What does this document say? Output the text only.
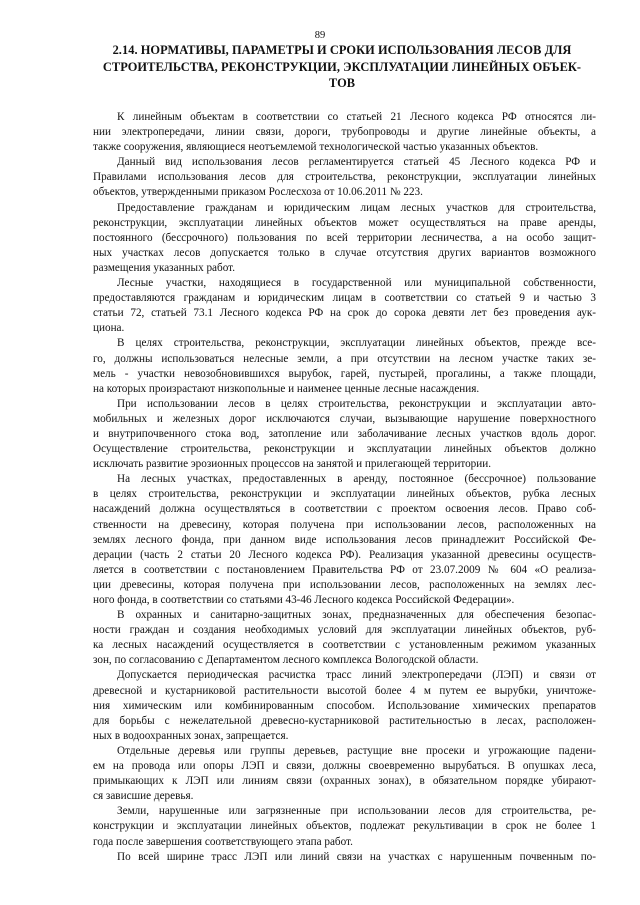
89
2.14. НОРМАТИВЫ, ПАРАМЕТРЫ И СРОКИ ИСПОЛЬЗОВАНИЯ ЛЕСОВ ДЛЯ
СТРОИТЕЛЬСТВА, РЕКОНСТРУКЦИИ, ЭКСПЛУАТАЦИИ ЛИНЕЙНЫХ ОБЪЕК-
ТОВ
К линейным объектам в соответствии со статьей 21 Лесного кодекса РФ относятся ли-
нии электропередачи, линии связи, дороги, трубопроводы и другие линейные объекты, а
также сооружения, являющиеся неотъемлемой технологической частью указанных объектов.
Данный вид использования лесов регламентируется статьей 45 Лесного кодекса РФ и
Правилами использования лесов для строительства, реконструкции, эксплуатации линейных
объектов, утвержденными приказом Рослесхоза от 10.06.2011 № 223.
Предоставление гражданам и юридическим лицам лесных участков для строительства,
реконструкции, эксплуатации линейных объектов может осуществляться на праве аренды,
постоянного (бессрочного) пользования по всей территории лесничества, а на особо защит-
ных участках лесов допускается только в случае отсутствия других вариантов возможного
размещения указанных работ.
Лесные участки, находящиеся в государственной или муниципальной собственности,
предоставляются гражданам и юридическим лицам в соответствии со статьей 9 и частью 3
статьи 72, статьей 73.1 Лесного кодекса РФ на срок до сорока девяти лет без проведения аук-
циона.
В целях строительства, реконструкции, эксплуатации линейных объектов, прежде все-
го, должны использоваться нелесные земли, а при отсутствии на лесном участке таких зе-
мель - участки невозобновившихся вырубок, гарей, пустырей, прогалины, а также площади,
на которых произрастают низкопольные и наименее ценные лесные насаждения.
При использовании лесов в целях строительства, реконструкции и эксплуатации авто-
мобильных и железных дорог исключаются случаи, вызывающие нарушение поверхностного
и внутрипочвенного стока вод, затопление или заболачивание лесных участков вдоль дорог.
Осуществление строительства, реконструкции и эксплуатации линейных объектов должно
исключать развитие эрозионных процессов на занятой и прилегающей территории.
На лесных участках, предоставленных в аренду, постоянное (бессрочное) пользование
в целях строительства, реконструкции и эксплуатации линейных объектов, рубка лесных
насаждений должна осуществляться в соответствии с проектом освоения лесов. Право соб-
ственности на древесину, которая получена при использовании лесов, расположенных на
землях лесного фонда, при данном виде использования лесов принадлежит Российской Фе-
дерации (часть 2 статьи 20 Лесного кодекса РФ). Реализация указанной древесины осуществ-
ляется в соответствии с постановлением Правительства РФ от 23.07.2009 № 604 «О реализа-
ции древесины, которая получена при использовании лесов, расположенных на землях лес-
ного фонда, в соответствии со статьями 43-46 Лесного кодекса Российской Федерации».
В охранных и санитарно-защитных зонах, предназначенных для обеспечения безопас-
ности граждан и создания необходимых условий для эксплуатации линейных объектов, руб-
ка лесных насаждений осуществляется в соответствии с установленным режимом указанных
зон, по согласованию с Департаментом лесного комплекса Вологодской области.
Допускается периодическая расчистка трасс линий электропередачи (ЛЭП) и связи от
древесной и кустарниковой растительности высотой более 4 м путем ее вырубки, уничтоже-
ния химическим или комбинированным способом. Использование химических препаратов
для борьбы с нежелательной древесно-кустарниковой растительностью в лесах, расположен-
ных в водоохранных зонах, запрещается.
Отдельные деревья или группы деревьев, растущие вне просеки и угрожающие падени-
ем на провода или опоры ЛЭП и связи, должны своевременно вырубаться. В опушках леса,
примыкающих к ЛЭП или линиям связи (охранных зонах), в обязательном порядке убирают-
ся зависшие деревья.
Земли, нарушенные или загрязненные при использовании лесов для строительства, ре-
конструкции и эксплуатации линейных объектов, подлежат рекультивации в срок не более 1
года после завершения соответствующего этапа работ.
По всей ширине трасс ЛЭП или линий связи на участках с нарушенным почвенным по-
